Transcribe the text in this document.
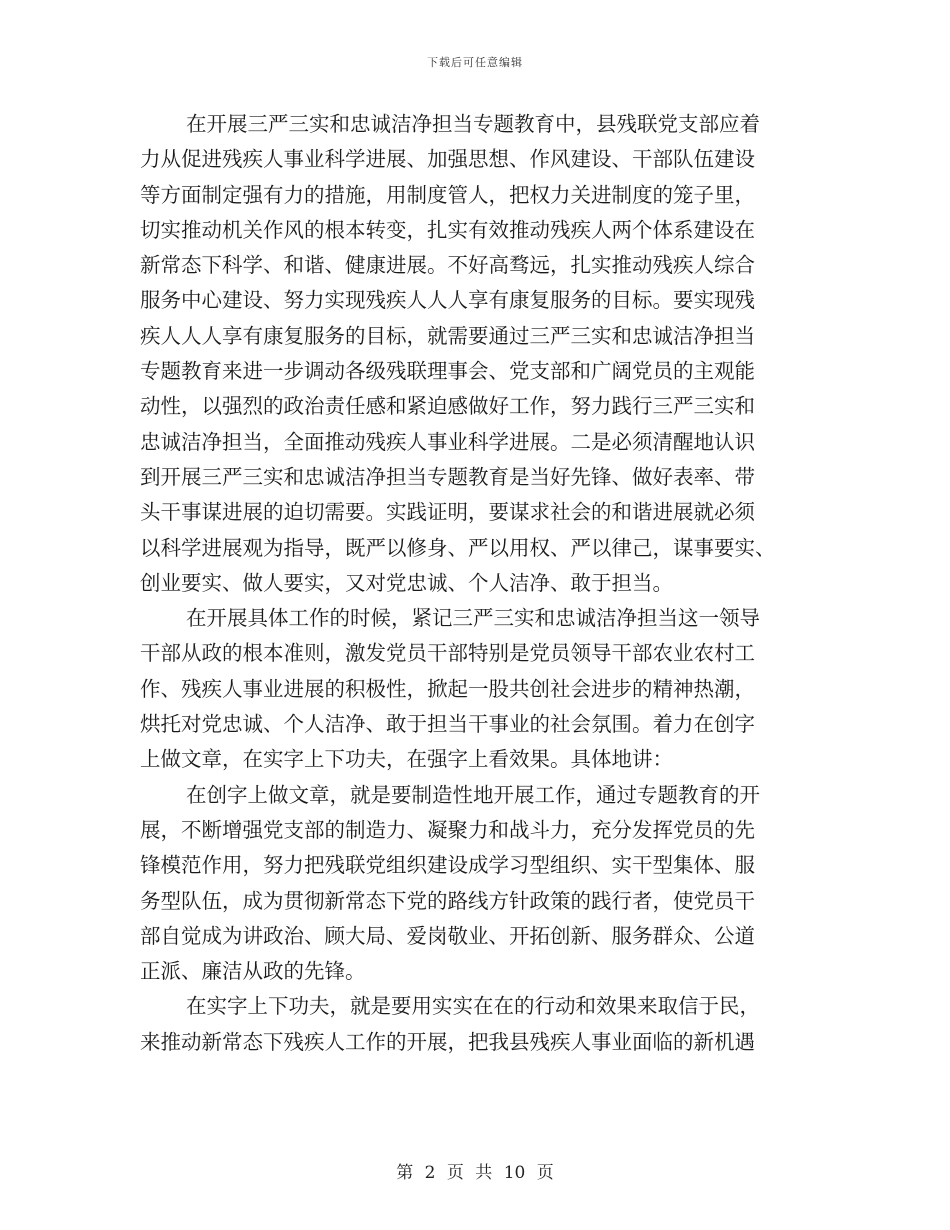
下载后可任意编辑
在开展三严三实和忠诚洁净担当专题教育中，县残联党支部应着
力从促进残疾人事业科学进展、加强思想、作风建设、干部队伍建设
等方面制定强有力的措施，用制度管人，把权力关进制度的笼子里，
切实推动机关作风的根本转变，扎实有效推动残疾人两个体系建设在
新常态下科学、和谐、健康进展。不好高骛远，扎实推动残疾人综合
服务中心建设、努力实现残疾人人人享有康复服务的目标。要实现残
疾人人人享有康复服务的目标，就需要通过三严三实和忠诚洁净担当
专题教育来进一步调动各级残联理事会、党支部和广阔党员的主观能
动性，以强烈的政治责任感和紧迫感做好工作，努力践行三严三实和
忠诚洁净担当，全面推动残疾人事业科学进展。二是必须清醒地认识
到开展三严三实和忠诚洁净担当专题教育是当好先锋、做好表率、带
头干事谋进展的迫切需要。实践证明，要谋求社会的和谐进展就必须
以科学进展观为指导，既严以修身、严以用权、严以律己，谋事要实、
创业要实、做人要实，又对党忠诚、个人洁净、敢于担当。
在开展具体工作的时候，紧记三严三实和忠诚洁净担当这一领导
干部从政的根本准则，激发党员干部特别是党员领导干部农业农村工
作、残疾人事业进展的积极性，掀起一股共创社会进步的精神热潮，
烘托对党忠诚、个人洁净、敢于担当干事业的社会氛围。着力在创字
上做文章，在实字上下功夫，在强字上看效果。具体地讲：
在创字上做文章，就是要制造性地开展工作，通过专题教育的开
展，不断增强党支部的制造力、凝聚力和战斗力，充分发挥党员的先
锋模范作用，努力把残联党组织建设成学习型组织、实干型集体、服
务型队伍，成为贯彻新常态下党的路线方针政策的践行者，使党员干
部自觉成为讲政治、顾大局、爱岗敬业、开拓创新、服务群众、公道
正派、廉洁从政的先锋。
在实字上下功夫，就是要用实实在在的行动和效果来取信于民，
来推动新常态下残疾人工作的开展，把我县残疾人事业面临的新机遇
第 2 页 共 10 页
